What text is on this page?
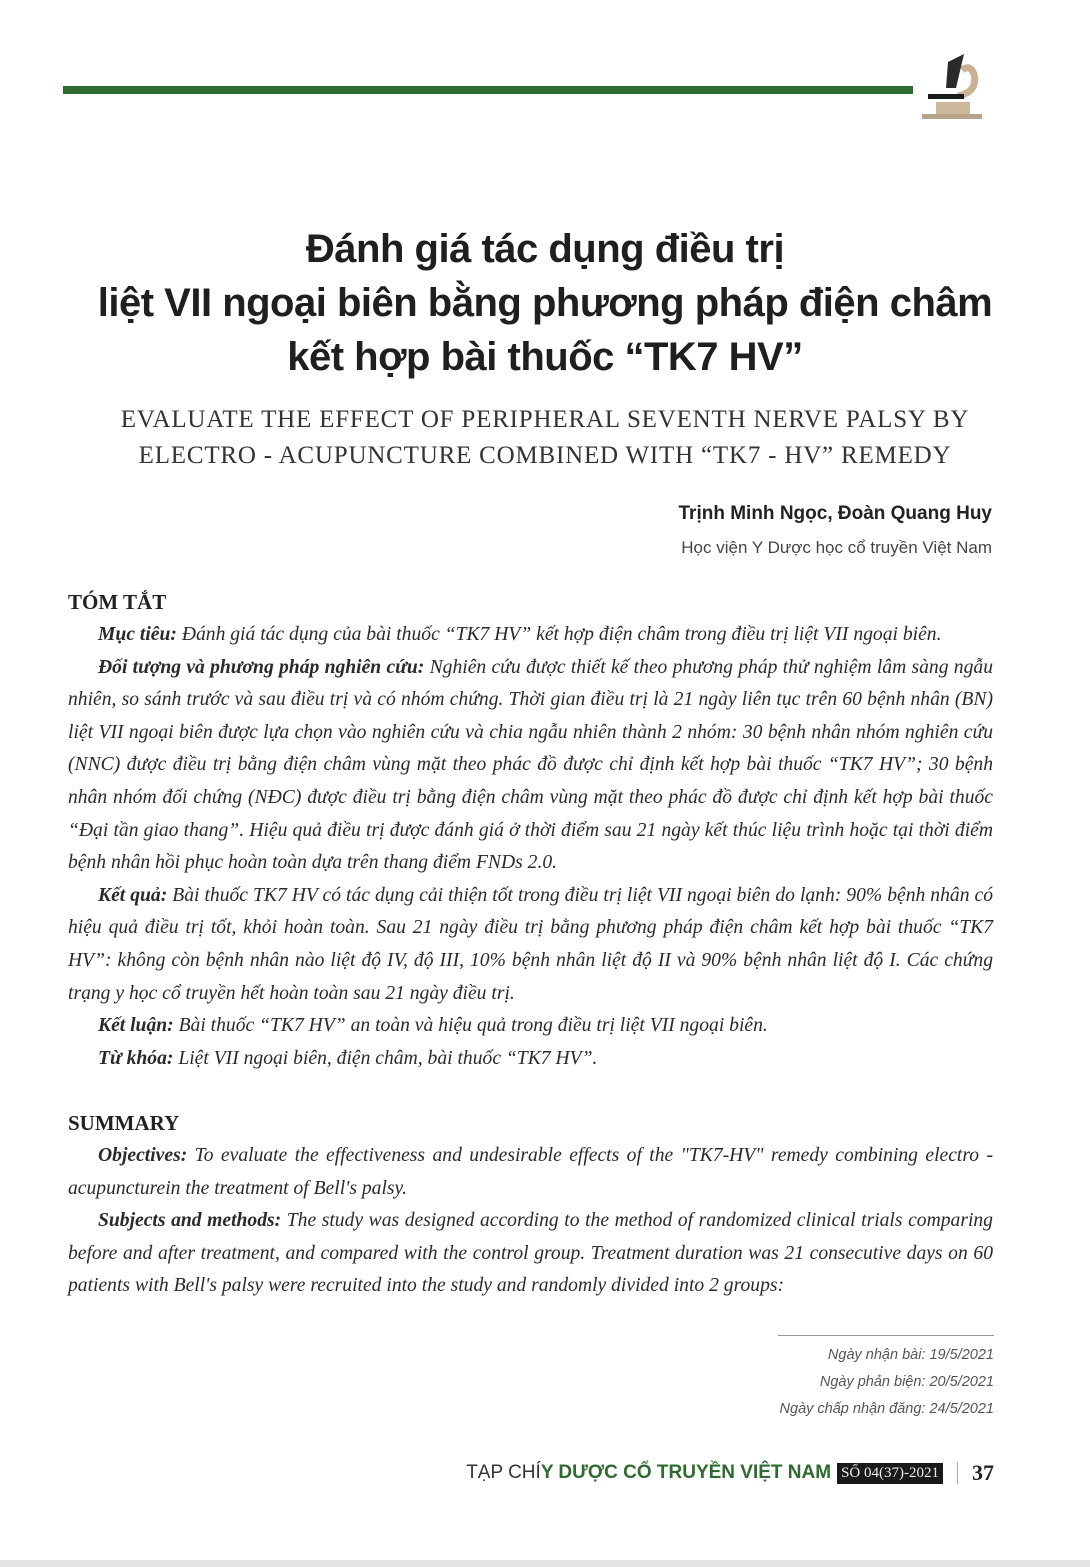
Đánh giá tác dụng điều trị
liệt VII ngoại biên bằng phương pháp điện châm
kết hợp bài thuốc “TK7 HV”
EVALUATE THE EFFECT OF PERIPHERAL SEVENTH NERVE PALSY BY
ELECTRO - ACUPUNCTURE COMBINED WITH “TK7 - HV” REMEDY
Trịnh Minh Ngọc, Đoàn Quang Huy
Học viện Y Dược học cổ truyền Việt Nam
TÓM TẮT

Mục tiêu: Đánh giá tác dụng của bài thuốc “TK7 HV” kết hợp điện châm trong điều trị liệt VII ngoại biên.

Đối tượng và phương pháp nghiên cứu: Nghiên cứu được thiết kế theo phương pháp thử nghiệm lâm sàng ngẫu nhiên, so sánh trước và sau điều trị và có nhóm chứng. Thời gian điều trị là 21 ngày liên tục trên 60 bệnh nhân (BN) liệt VII ngoại biên được lựa chọn vào nghiên cứu và chia ngẫu nhiên thành 2 nhóm: 30 bệnh nhân nhóm nghiên cứu (NNC) được điều trị bằng điện châm vùng mặt theo phác đồ được chỉ định kết hợp bài thuốc “TK7 HV”; 30 bệnh nhân nhóm đối chứng (NĐC) được điều trị bằng điện châm vùng mặt theo phác đồ được chỉ định kết hợp bài thuốc “Đại tần giao thang”. Hiệu quả điều trị được đánh giá ở thời điểm sau 21 ngày kết thúc liệu trình hoặc tại thời điểm bệnh nhân hồi phục hoàn toàn dựa trên thang điểm FNDs 2.0.

Kết quả: Bài thuốc TK7 HV có tác dụng cải thiện tốt trong điều trị liệt VII ngoại biên do lạnh: 90% bệnh nhân có hiệu quả điều trị tốt, khỏi hoàn toàn. Sau 21 ngày điều trị bằng phương pháp điện châm kết hợp bài thuốc “TK7 HV”: không còn bệnh nhân nào liệt độ IV, độ III, 10% bệnh nhân liệt độ II và 90% bệnh nhân liệt độ I. Các chứng trạng y học cổ truyền hết hoàn toàn sau 21 ngày điều trị.

Kết luận: Bài thuốc “TK7 HV” an toàn và hiệu quả trong điều trị liệt VII ngoại biên.

Từ khóa: Liệt VII ngoại biên, điện châm, bài thuốc “TK7 HV”.

SUMMARY

Objectives: To evaluate the effectiveness and undesirable effects of the "TK7-HV" remedy combining electro - acupuncturein the treatment of Bell's palsy.

Subjects and methods: The study was designed according to the method of randomized clinical trials comparing before and after treatment, and compared with the control group. Treatment duration was 21 consecutive days on 60 patients with Bell's palsy were recruited into the study and randomly divided into 2 groups:

Ngày nhận bài: 19/5/2021
Ngày phản biện: 20/5/2021
Ngày chấp nhận đăng: 24/5/2021
TẠP CHÍY DƯỢC CỔ TRUYỀN VIỆT NAM SỐ 04(37)-2021 37
